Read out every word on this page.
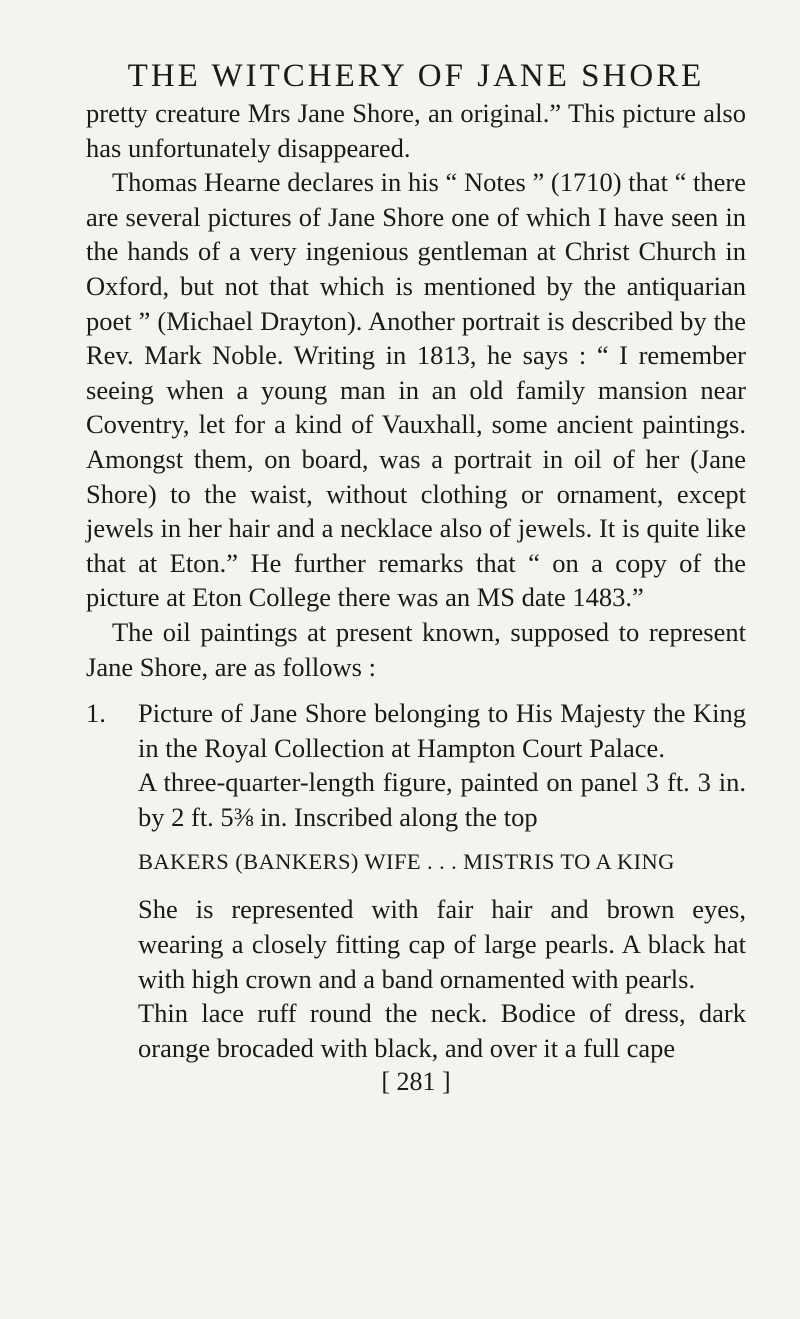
THE WITCHERY OF JANE SHORE

pretty creature Mrs Jane Shore, an original.” This picture also has unfortunately disappeared.

Thomas Hearne declares in his “ Notes ” (1710) that “ there are several pictures of Jane Shore one of which I have seen in the hands of a very ingenious gentleman at Christ Church in Oxford, but not that which is mentioned by the antiquarian poet ” (Michael Drayton). Another portrait is described by the Rev. Mark Noble. Writing in 1813, he says : “ I remember seeing when a young man in an old family mansion near Coventry, let for a kind of Vauxhall, some ancient paintings. Amongst them, on board, was a portrait in oil of her (Jane Shore) to the waist, without clothing or ornament, except jewels in her hair and a necklace also of jewels. It is quite like that at Eton.” He further remarks that “ on a copy of the picture at Eton College there was an MS date 1483.”

The oil paintings at present known, supposed to represent Jane Shore, are as follows :

1. Picture of Jane Shore belonging to His Majesty the King in the Royal Collection at Hampton Court Palace.

A three-quarter-length figure, painted on panel 3 ft. 3 in. by 2 ft. 5⅜ in. Inscribed along the top

BAKERS (BANKERS) WIFE . . . MISTRIS TO A KING

She is represented with fair hair and brown eyes, wearing a closely fitting cap of large pearls. A black hat with high crown and a band ornamented with pearls.

Thin lace ruff round the neck. Bodice of dress, dark orange brocaded with black, and over it a full cape

[ 281 ]
